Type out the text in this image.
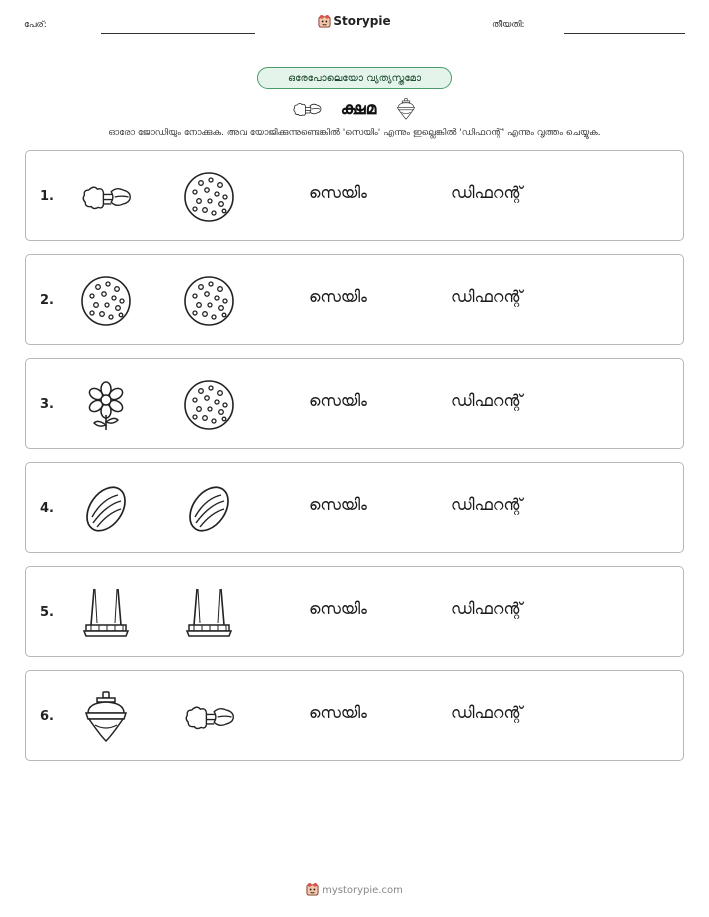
പേര്:	Storypie	തീയതി:
ഒരേപോലെയോ വ്യത്യസ്തമോ
ക്ഷമ
ഓരോ ജോഡിയും നോക്കുക. അവ യോജിക്കുന്നുണ്ടെങ്കിൽ 'സെയിം' എന്നും ഇല്ലെങ്കിൽ 'ഡിഫറന്റ്' എന്നും വൃത്തം ചെയ്യുക.
1.	സെയിം	ഡിഫറന്റ്
2.	സെയിം	ഡിഫറന്റ്
3.	സെയിം	ഡിഫറന്റ്
4.	സെയിം	ഡിഫറന്റ്
5.	സെയിം	ഡിഫറന്റ്
6.	സെയിം	ഡിഫറന്റ്
mystorypie.com
